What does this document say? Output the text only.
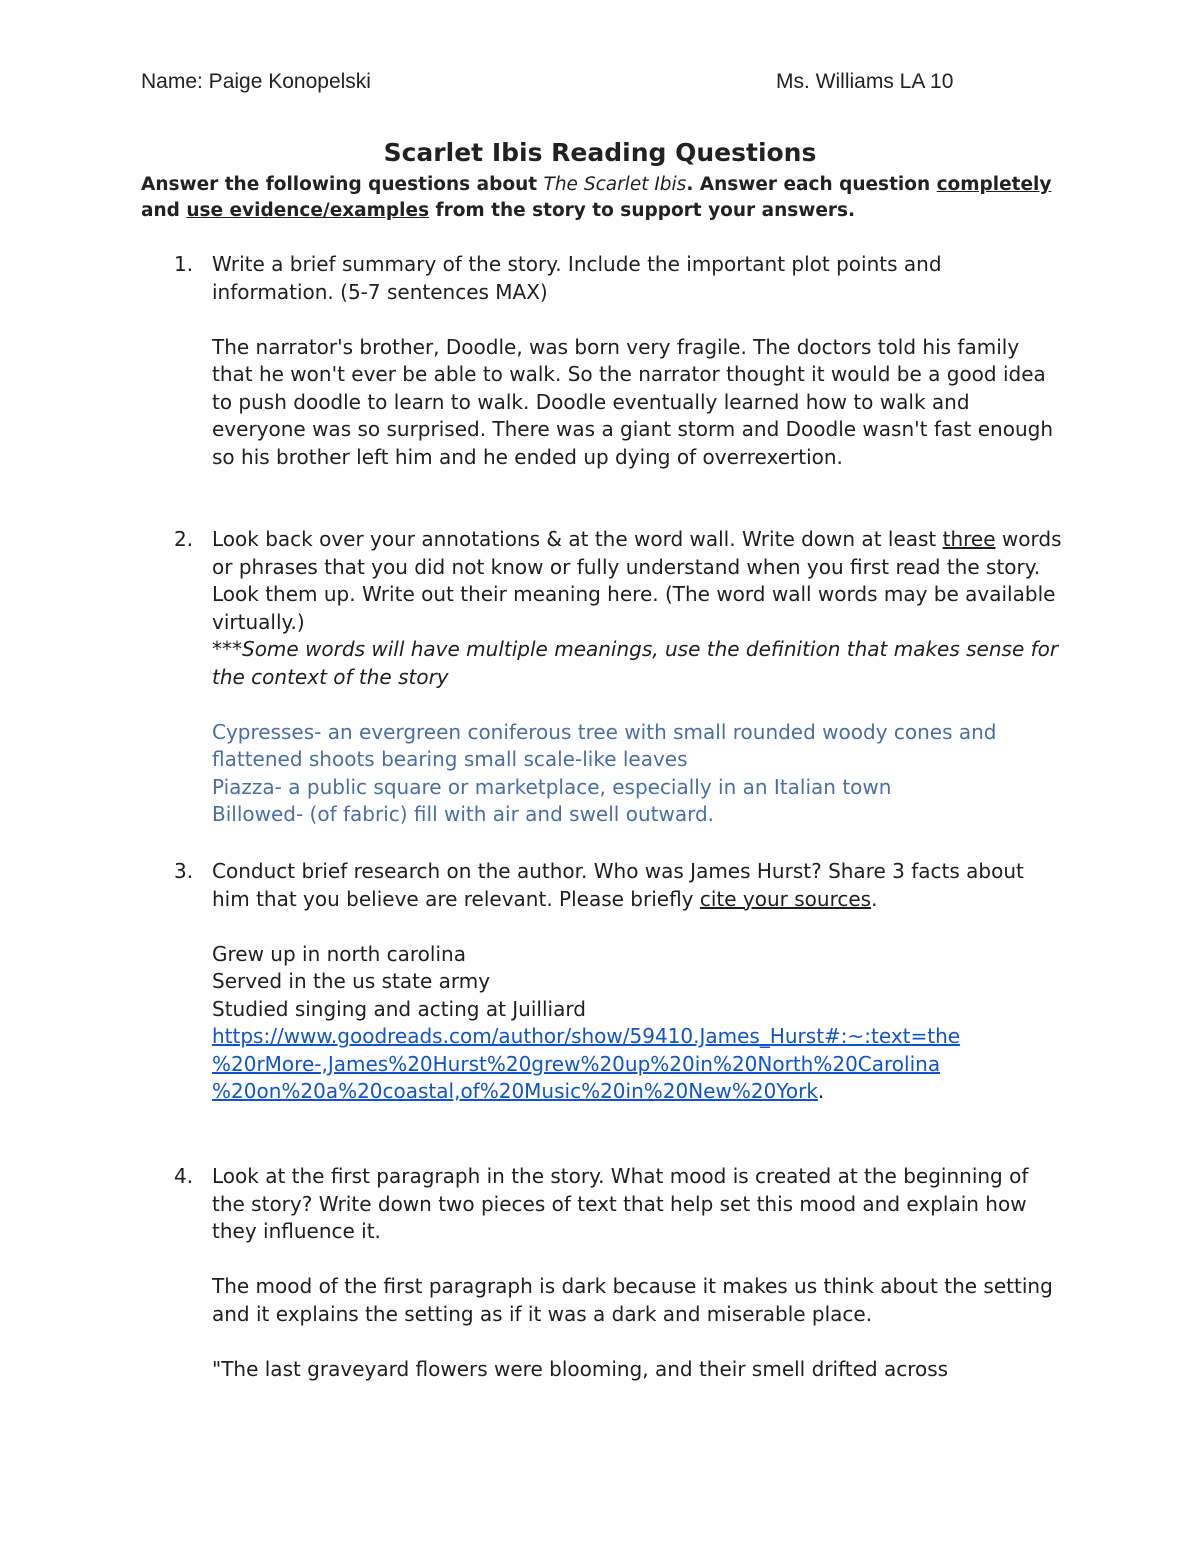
Name: Paige Konopelski	Ms. Williams LA 10
Scarlet Ibis Reading Questions
Answer the following questions about The Scarlet Ibis. Answer each question completely and use evidence/examples from the story to support your answers.
1. Write a brief summary of the story. Include the important plot points and information. (5-7 sentences MAX)

The narrator's brother, Doodle, was born very fragile. The doctors told his family that he won't ever be able to walk. So the narrator thought it would be a good idea to push doodle to learn to walk. Doodle eventually learned how to walk and everyone was so surprised. There was a giant storm and Doodle wasn't fast enough so his brother left him and he ended up dying of overrexertion.

2. Look back over your annotations & at the word wall. Write down at least three words or phrases that you did not know or fully understand when you first read the story. Look them up. Write out their meaning here. (The word wall words may be available virtually.)

***Some words will have multiple meanings, use the definition that makes sense for the context of the story

Cypresses- an evergreen coniferous tree with small rounded woody cones and flattened shoots bearing small scale-like leaves

Piazza- a public square or marketplace, especially in an Italian town

Billowed- (of fabric) fill with air and swell outward.

3. Conduct brief research on the author. Who was James Hurst? Share 3 facts about him that you believe are relevant. Please briefly cite your sources.

Grew up in north carolina

Served in the us state army

Studied singing and acting at Juilliard

https://www.goodreads.com/author/show/59410.James_Hurst#:~:text=the
%20rMore-,James%20Hurst%20grew%20up%20in%20North%20Carolina
%20on%20a%20coastal,of%20Music%20in%20New%20York.

4. Look at the first paragraph in the story. What mood is created at the beginning of the story? Write down two pieces of text that help set this mood and explain how they influence it.

The mood of the first paragraph is dark because it makes us think about the setting and it explains the setting as if it was a dark and miserable place.

"The last graveyard flowers were blooming, and their smell drifted across
